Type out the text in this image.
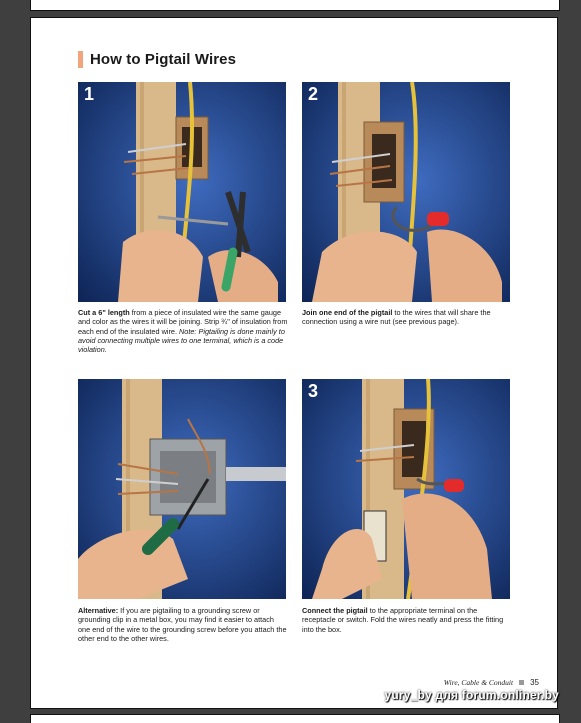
How to Pigtail Wires
1
Cut a 6" length from a piece of insulated wire the same gauge and color as the wires it will be joining. Strip ¾" of insulation from each end of the insulated wire. Note: Pigtailing is done mainly to avoid connecting multiple wires to one terminal, which is a code violation.
2
Join one end of the pigtail to the wires that will share the connection using a wire nut (see previous page).
Alternative: If you are pigtailing to a grounding screw or grounding clip in a metal box, you may find it easier to attach one end of the wire to the grounding screw before you attach the other end to the other wires.
3
Connect the pigtail to the appropriate terminal on the receptacle or switch. Fold the wires neatly and press the fitting into the box.
Wire, Cable & Conduit 35
yury_by для forum.onliner.by
